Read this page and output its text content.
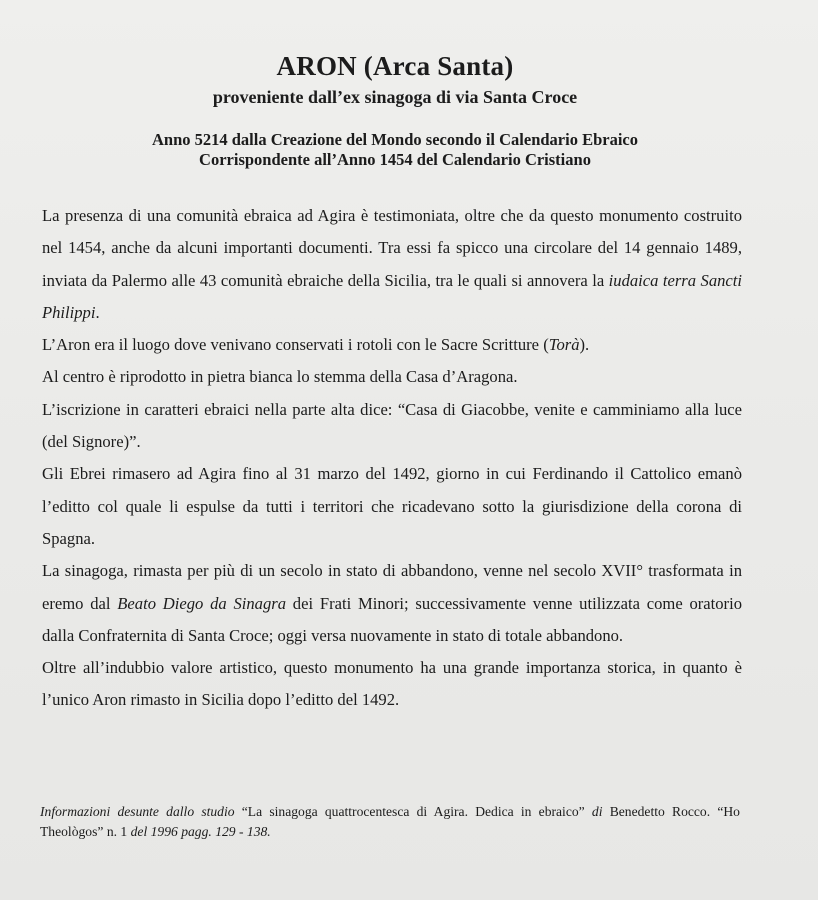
ARON (Arca Santa)
proveniente dall’ex sinagoga di via Santa Croce
Anno 5214 dalla Creazione del Mondo secondo il Calendario Ebraico
Corrispondente all’Anno 1454 del Calendario Cristiano

La presenza di una comunità ebraica ad Agira è testimoniata, oltre che da questo monumento costruito nel 1454, anche da alcuni importanti documenti. Tra essi fa spicco una circolare del 14 gennaio 1489, inviata da Palermo alle 43 comunità ebraiche della Sicilia, tra le quali si annovera la iudaica terra Sancti Philippi.

L’Aron era il luogo dove venivano conservati i rotoli con le Sacre Scritture (Torà).

Al centro è riprodotto in pietra bianca lo stemma della Casa d’Aragona.

L’iscrizione in caratteri ebraici nella parte alta dice: “Casa di Giacobbe, venite e camminiamo alla luce (del Signore)”.

Gli Ebrei rimasero ad Agira fino al 31 marzo del 1492, giorno in cui Ferdinando il Cattolico emanò l’editto col quale li espulse da tutti i territori che ricadevano sotto la giurisdizione della corona di Spagna.

La sinagoga, rimasta per più di un secolo in stato di abbandono, venne nel secolo XVII° trasformata in eremo dal Beato Diego da Sinagra dei Frati Minori; successivamente venne utilizzata come oratorio dalla Confraternita di Santa Croce; oggi versa nuovamente in stato di totale abbandono.

Oltre all’indubbio valore artistico, questo monumento ha una grande importanza storica, in quanto è l’unico Aron rimasto in Sicilia dopo l’editto del 1492.

Informazioni desunte dallo studio “La sinagoga quattrocentesca di Agira. Dedica in ebraico” di Benedetto Rocco. “Ho Theològos” n. 1 del 1996 pagg. 129 - 138.
